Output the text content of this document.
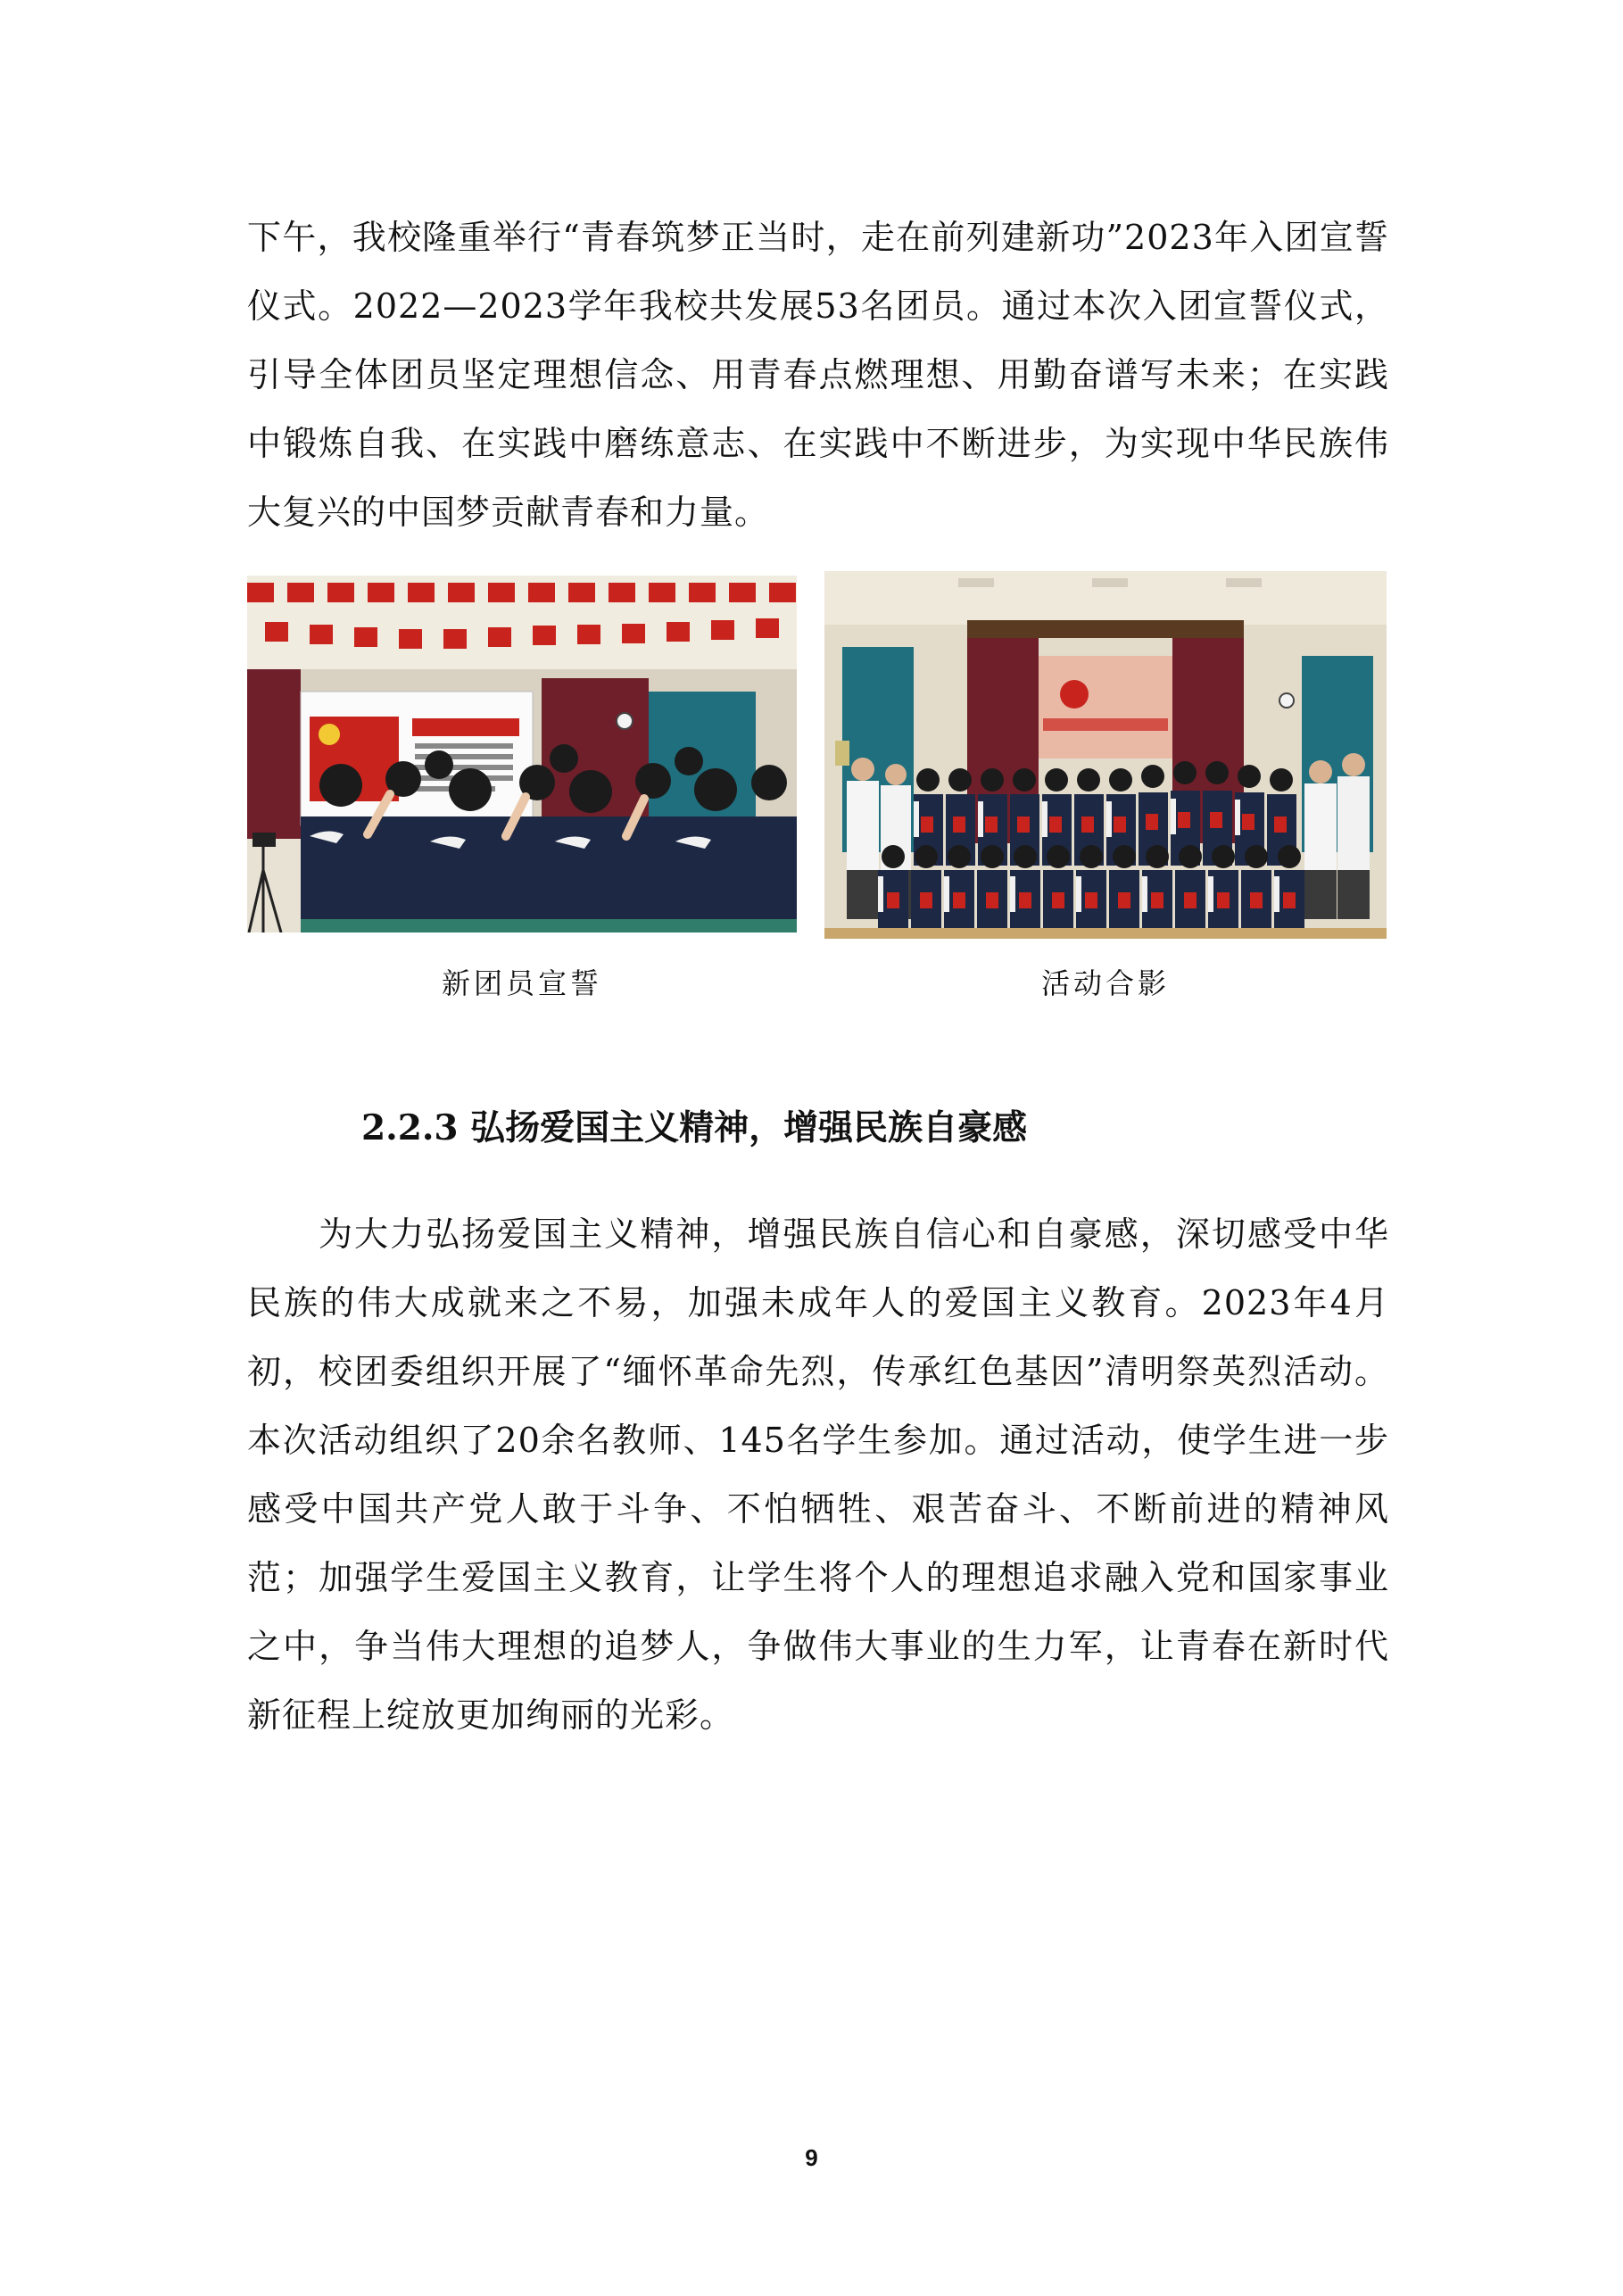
下午，我校隆重举行“青春筑梦正当时，走在前列建新功”2023年入团宣誓仪式。2022—2023学年我校共发展53名团员。通过本次入团宣誓仪式，引导全体团员坚定理想信念、用青春点燃理想、用勤奋谱写未来；在实践中锻炼自我、在实践中磨练意志、在实践中不断进步，为实现中华民族伟大复兴的中国梦贡献青春和力量。

新团员宣誓	活动合影
2.2.3 弘扬爱国主义精神，增强民族自豪感

为大力弘扬爱国主义精神，增强民族自信心和自豪感，深切感受中华民族的伟大成就来之不易，加强未成年人的爱国主义教育。2023年4月初，校团委组织开展了“缅怀革命先烈，传承红色基因”清明祭英烈活动。本次活动组织了20余名教师、145名学生参加。通过活动，使学生进一步感受中国共产党人敢于斗争、不怕牺牲、艰苦奋斗、不断前进的精神风范；加强学生爱国主义教育，让学生将个人的理想追求融入党和国家事业之中，争当伟大理想的追梦人，争做伟大事业的生力军，让青春在新时代新征程上绽放更加绚丽的光彩。

9
